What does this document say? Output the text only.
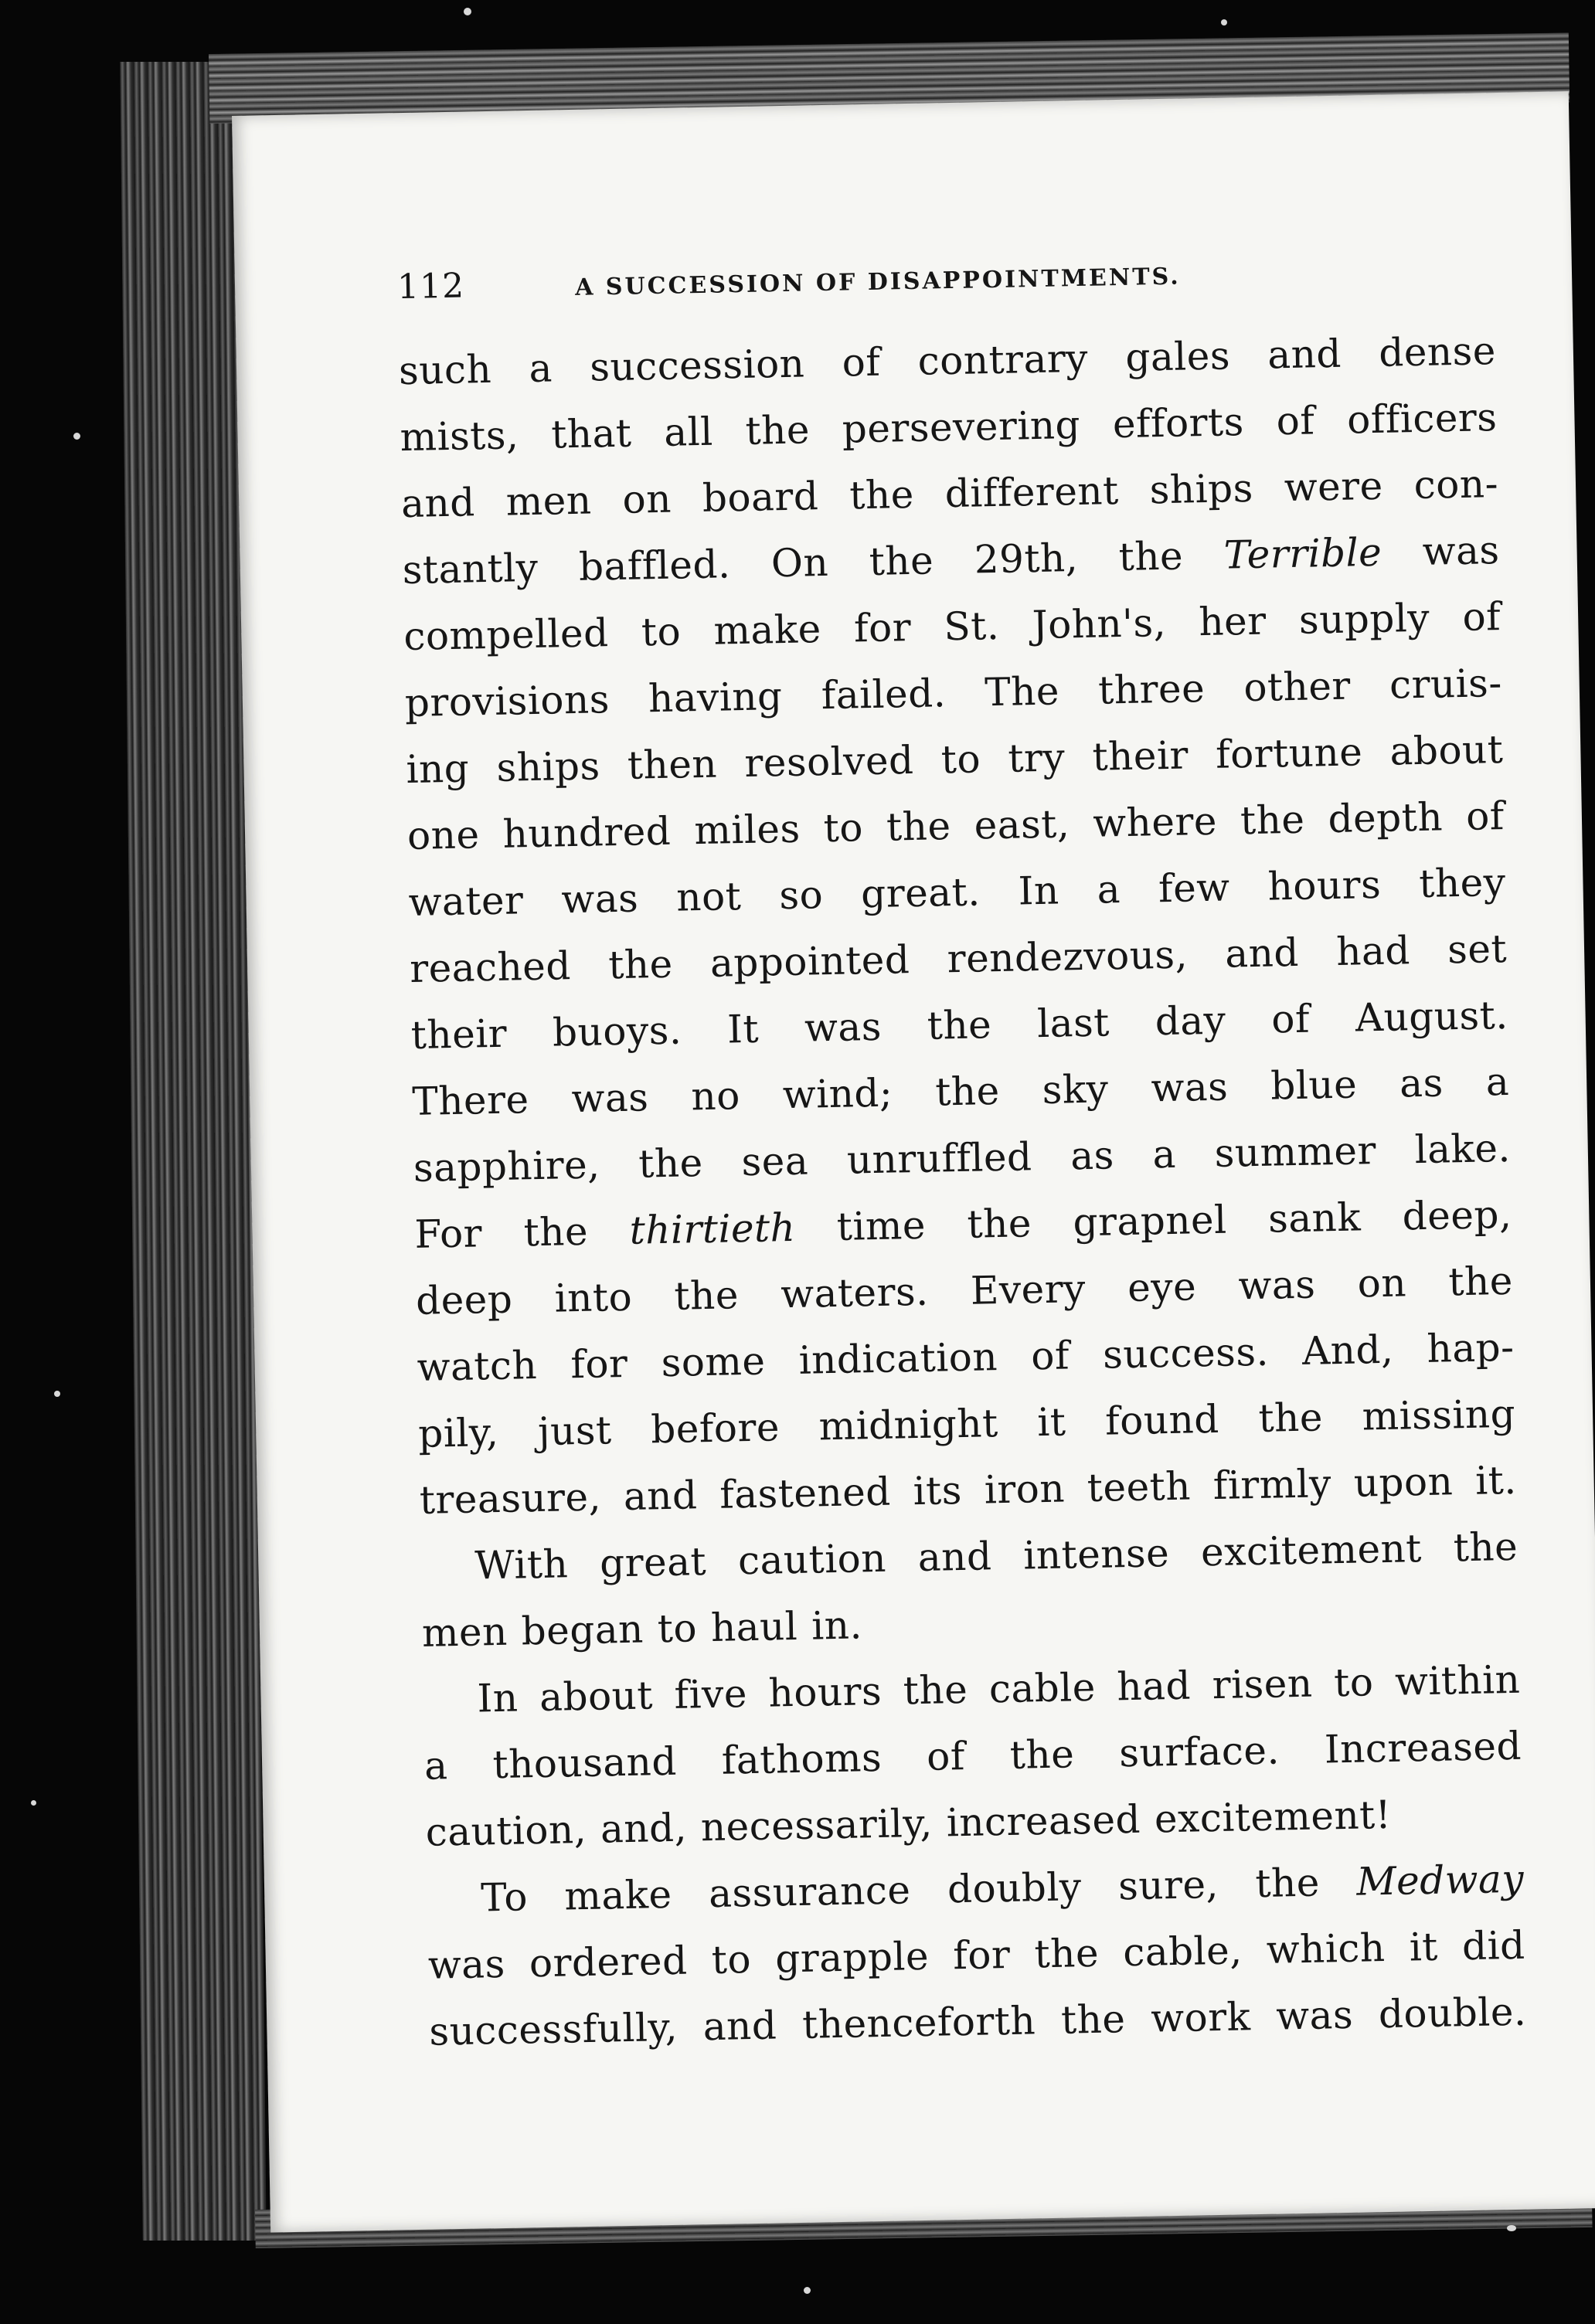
112	A SUCCESSION OF DISAPPOINTMENTS.
such a succession of contrary gales and dense
mists, that all the persevering efforts of officers
and men on board the different ships were con-
stantly baffled. On the 29th, the Terrible was
compelled to make for St. John's, her supply of
provisions having failed. The three other cruis-
ing ships then resolved to try their fortune about
one hundred miles to the east, where the depth of
water was not so great. In a few hours they
reached the appointed rendezvous, and had set
their buoys. It was the last day of August.
There was no wind; the sky was blue as a
sapphire, the sea unruffled as a summer lake.
For the thirtieth time the grapnel sank deep,
deep into the waters. Every eye was on the
watch for some indication of success. And, hap-
pily, just before midnight it found the missing
treasure, and fastened its iron teeth firmly upon it.
With great caution and intense excitement the
men began to haul in.
In about five hours the cable had risen to within
a thousand fathoms of the surface. Increased
caution, and, necessarily, increased excitement!
To make assurance doubly sure, the Medway
was ordered to grapple for the cable, which it did
successfully, and thenceforth the work was double.
